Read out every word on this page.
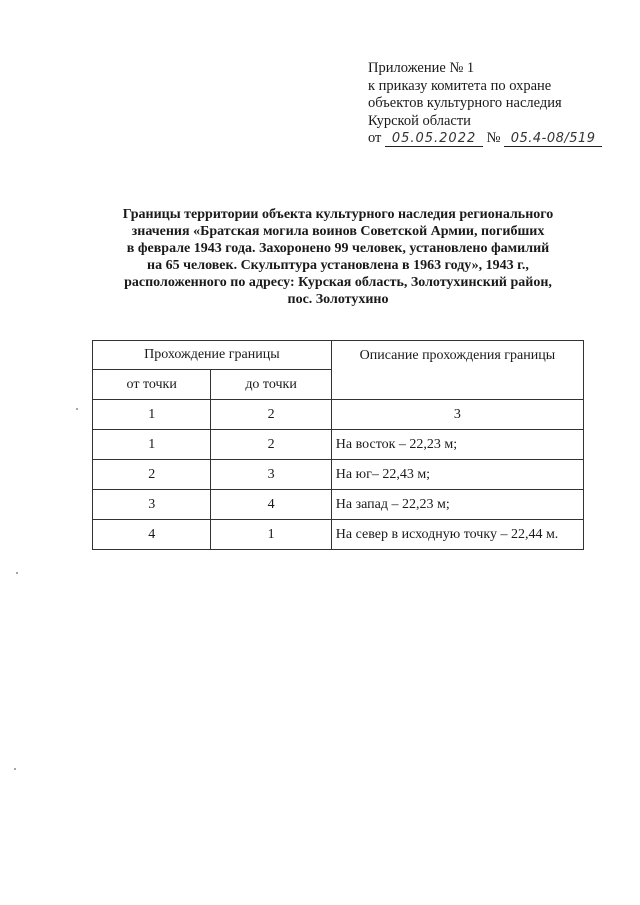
Приложение № 1
к приказу комитета по охране
объектов культурного наследия
Курской области
от 05.05.2022 № 05.4-08/519
Границы территории объекта культурного наследия регионального
значения «Братская могила воинов Советской Армии, погибших
в феврале 1943 года. Захоронено 99 человек, установлено фамилий
на 65 человек. Скульптура установлена в 1963 году», 1943 г.,
расположенного по адресу: Курская область, Золотухинский район,
пос. Золотухино
Прохождение границы		Описание прохождения границы
от точки	до точки	
1	2	3
1	2	На восток – 22,23 м;
2	3	На юг– 22,43 м;
3	4	На запад – 22,23 м;
4	1	На север в исходную точку – 22,44 м.
